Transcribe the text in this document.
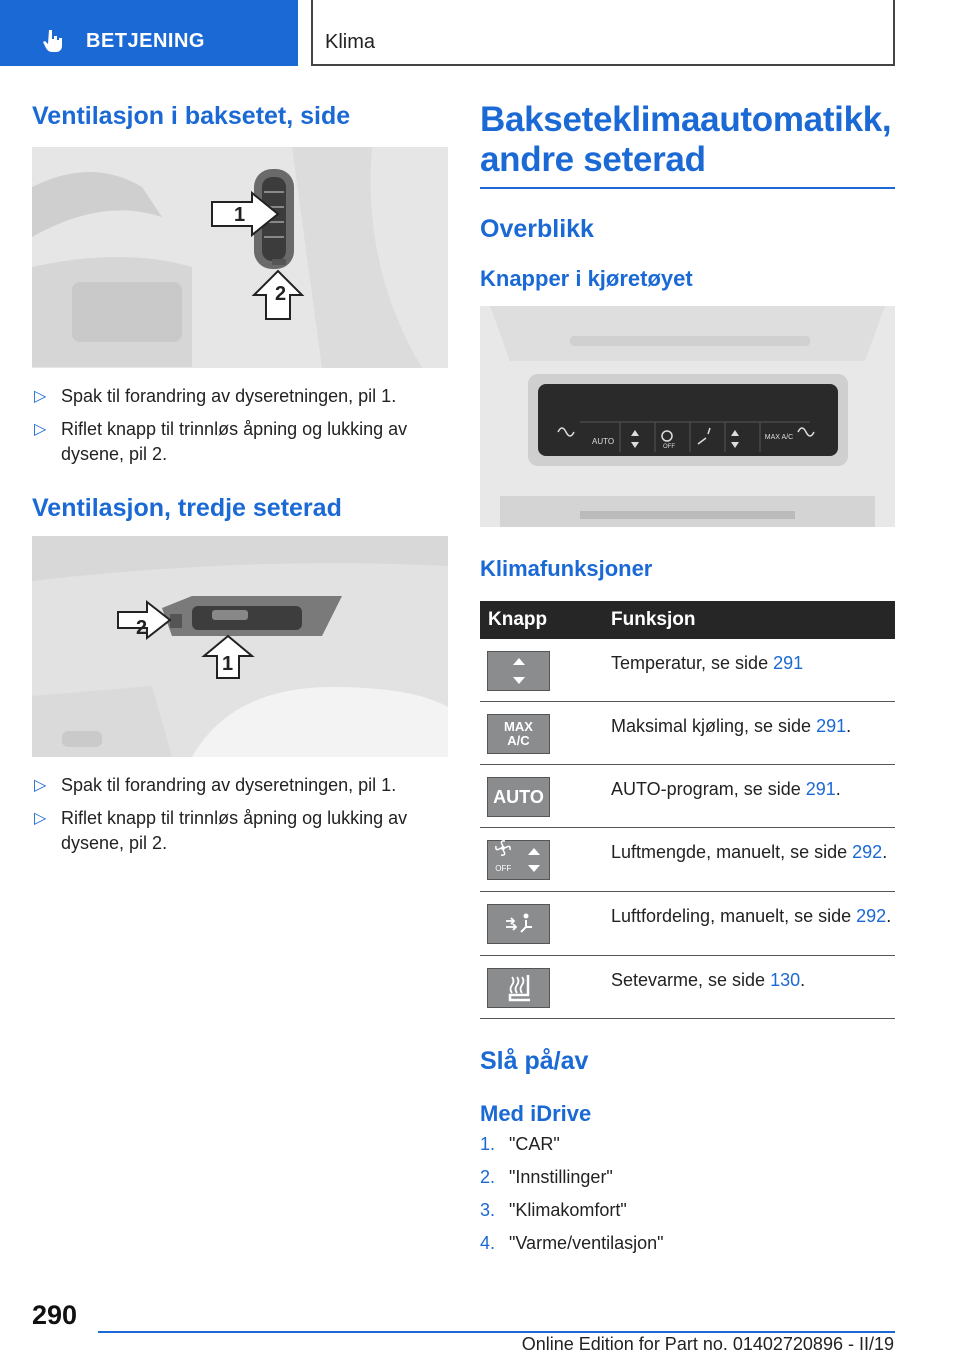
BETJENING	Klima
Ventilasjon i baksetet, side
1
2
▷ Spak til forandring av dyseretningen, pil 1.
▷ Riflet knapp til trinnløs åpning og lukking av dysene, pil 2.
Ventilasjon, tredje seterad
2
1
▷ Spak til forandring av dyseretningen, pil 1.
▷ Riflet knapp til trinnløs åpning og lukking av dysene, pil 2.
Bakseteklimaautomatikk, andre seterad
Overblikk
Knapper i kjøretøyet
AUTO
OFF
MAX A/C
Klimafunksjoner
Knapp	Funksjon

	Temperatur, se side 291

MAX A/C	Maksimal kjøling, se side 291.

AUTO	AUTO-program, se side 291.

OFF	Luftmengde, manuelt, se side 292.

	Luftfordeling, manuelt, se side 292.

	Setevarme, se side 130.
Slå på/av
Med iDrive
1. "CAR"
2. "Innstillinger"
3. "Klimakomfort"
4. "Varme/ventilasjon"
290
Online Edition for Part no. 01402720896 - II/19
